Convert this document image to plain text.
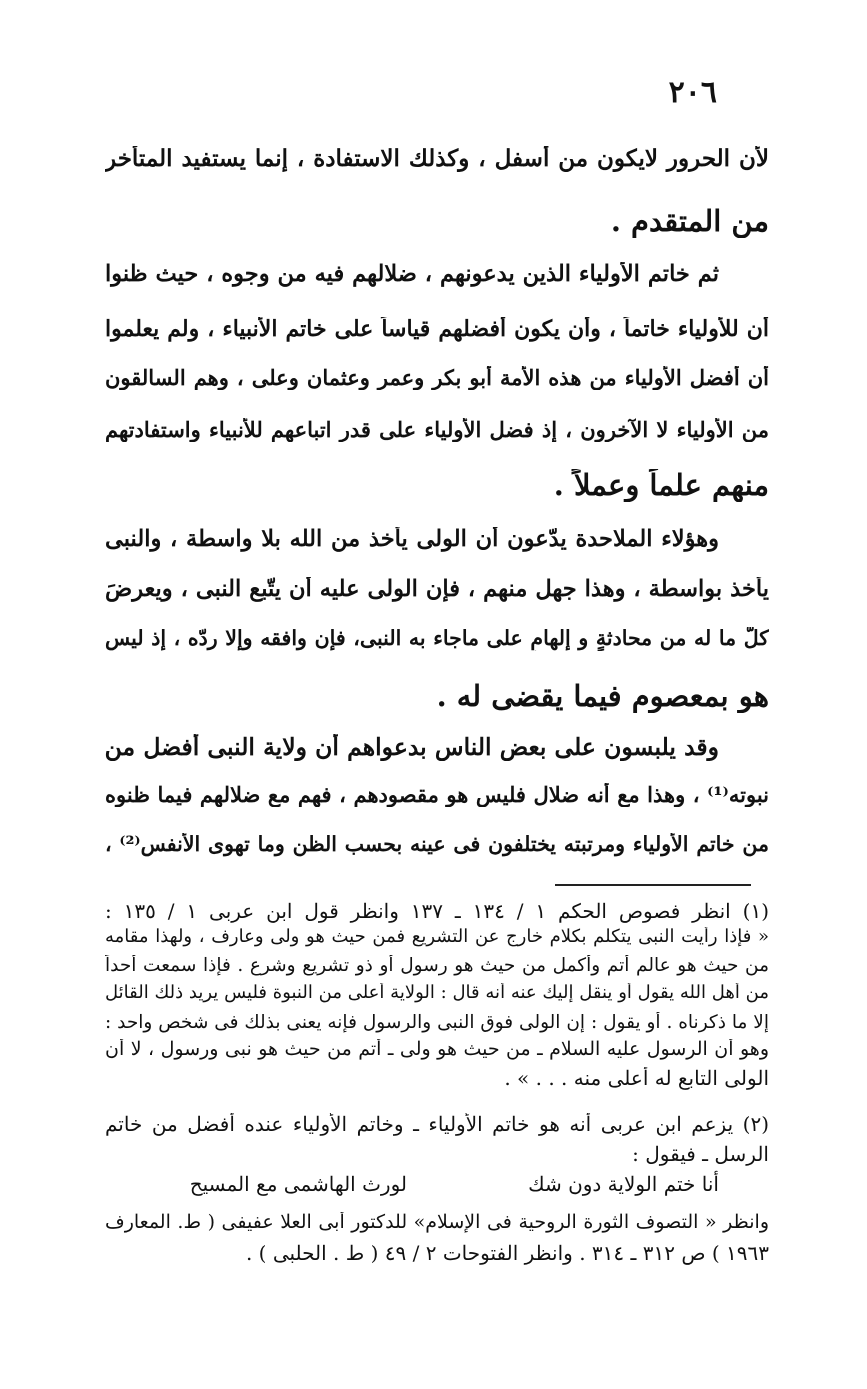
٢٠٦
لأن الحرور لايكون من أسفل ، وكذلك الاستفادة ، إنما يستفيد المتأخر
من المتقدم .
ثم خاتم الأولياء الذين يدعونهم ، ضلالهم فيه من وجوه ، حيث ظنوا
أن للأولياء خاتماً ، وأن يكون أفضلهم قياساً على خاتم الأنبياء ، ولم يعلموا
أن أفضل الأولياء من هذه الأمة أبو بكر وعمر وعثمان وعلى ، وهم السالقون
من الأولياء لا الآخرون ، إذ فضل الأولياء على قدر اتباعهم للأنبياء واستفادتهم
منهم علماً وعملاً .
وهؤلاء الملاحدة يدّعون أن الولى يأخذ من الله بلا واسطة ، والنبى
يأخذ بواسطة ، وهذا جهل منهم ، فإن الولى عليه أن يتّبع النبى ، ويعرضَ
كلّ ما له من محادثةٍ و إلهامٍ على ماجاء به النبى، فإن وافقه وإلا ردّه ، إذ ليس
هو بمعصوم فيما يقضى له .
وقد يلبسون على بعض الناس بدعواهم أن ولاية النبى أفضل من
نبوته⁽¹⁾ ، وهذا مع أنه ضلال فليس هو مقصودهم ، فهم مع ضلالهم فيما ظنوه
من خاتم الأولياء ومرتبته يختلفون فى عينه بحسب الظن وما تهوى الأنفس⁽²⁾ ،
(١) انظر فصوص الحكم ١ / ١٣٤ ـ ١٣٧ وانظر قول ابن عربى ١ / ١٣٥ :
« فإذا رأيت النبى يتكلم بكلام خارج عن التشريع فمن حيث هو ولى وعارف ، ولهذا مقامه
من حيث هو عالم أتم وأكمل من حيث هو رسول أو ذو تشريع وشرع . فإذا سمعت أحداً
من أهل الله يقول أو ينقل إليك عنه أنه قال : الولاية أعلى من النبوة فليس يريد ذلك القائل
إلا ما ذكرناه . أو يقول : إن الولى فوق النبى والرسول فإنه يعنى بذلك فى شخص واحد :
وهو أن الرسول عليه السلام ـ من حيث هو ولى ـ أتم من حيث هو نبى ورسول ، لا أن
الولى التابع له أعلى منه . . . » .
(٢) يزعم ابن عربى أنه هو خاتم الأولياء ـ وخاتم الأولياء عنده أفضل من خاتم
الرسل ـ فيقول :
أنا ختم الولاية دون شك
لورث الهاشمى مع المسيح
وانظر « التصوف الثورة الروحية فى الإسلام» للدكتور أبى العلا عفيفى ( ط. المعارف
١٩٦٣ ) ص ٣١٢ ـ ٣١٤ . وانظر الفتوحات ٢ / ٤٩ ( ط . الحلبى ) .
